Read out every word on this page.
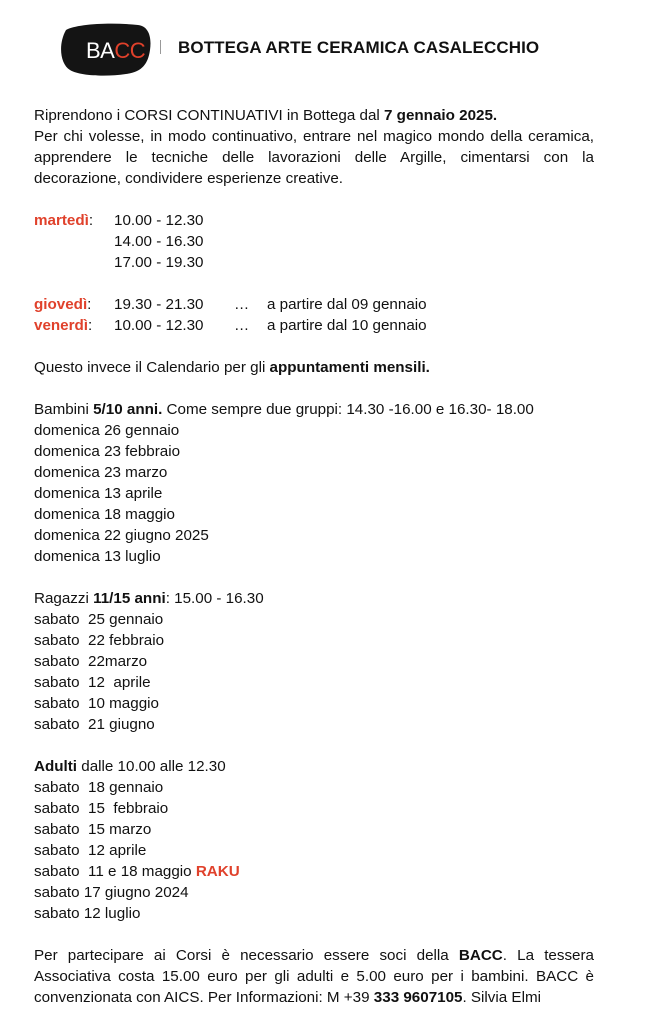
BACC BOTTEGA ARTE CERAMICA CASALECCHIO

Riprendono i CORSI CONTINUATIVI in Bottega dal 7 gennaio 2025.

Per chi volesse, in modo continuativo, entrare nel magico mondo della ceramica, apprendere le tecniche delle lavorazioni delle Argille, cimentarsi con la decorazione, condividere esperienze creative.

martedì:	10.00 - 12.30
14.00 - 16.30
17.00 - 19.30
giovedì:	19.30 - 21.30	…	a partire dal 09 gennaio
venerdì:	10.00 - 12.30	…	a partire dal 10 gennaio

Questo invece il Calendario per gli appuntamenti mensili.

Bambini 5/10 anni. Come sempre due gruppi: 14.30 -16.00 e 16.30- 18.00

domenica 26 gennaio
domenica 23 febbraio
domenica 23 marzo
domenica 13 aprile
domenica 18 maggio
domenica 22 giugno 2025
domenica 13 luglio

Ragazzi 11/15 anni: 15.00 - 16.30

sabato  25 gennaio
sabato  22 febbraio
sabato  22marzo
sabato  12  aprile
sabato  10 maggio
sabato  21 giugno

Adulti dalle 10.00 alle 12.30

sabato  18 gennaio
sabato  15  febbraio
sabato  15 marzo
sabato  12 aprile
sabato  11 e 18 maggio RAKU
sabato 17 giugno 2024
sabato 12 luglio

Per partecipare ai Corsi è necessario essere soci della BACC. La tessera Associativa costa 15.00 euro per gli adulti e 5.00 euro per i bambini. BACC è convenzionata con AICS. Per Informazioni: M +39 333 9607105. Silvia Elmi
